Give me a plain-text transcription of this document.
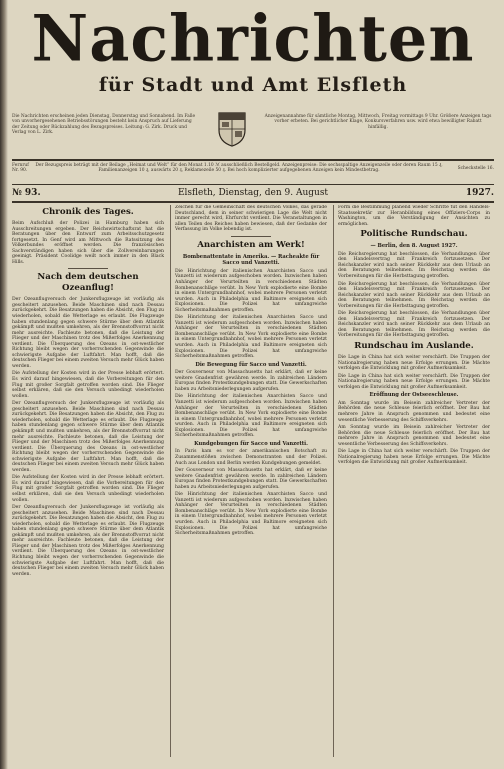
Nachrichten
für Stadt und Amt Elsfleth
Die Nachrichten erscheinen jeden Dienstag, Donnerstag und Sonnabend. Im Falle von unvorhergesehenen Betriebsstörungen besteht kein Anspruch auf Lieferung der Zeitung oder Rückzahlung des Bezugspreises. Leitung: G. Zirk. Druck und Verlag von L. Zirk.
Anzeigenannahme für sämtliche Montag, Mittwoch, Freitag vormittags 9 Uhr. Größere Anzeigen tags vorher erbeten. Bei gerichtlicher Klage, Konkursverfahren usw. wird etwa bewilligter Rabatt hinfällig.
Fernruf Nr. 90.
Der Bezugspreis beträgt mit der Beilage „Heimat und Welt“ für den Monat 1.10 ℳ ausschließlich Bestellgeld. Anzeigenpreise: Die sechsspaltige Anzeigenzeile oder deren Raum 15 ₰, Familienanzeigen 10 ₰, auswärts 20 ₰, Reklamezeile 50 ₰. Bei hoch komplizierter aufgegebenen Anzeigen kein Mindestbetrag.	Scheckstelle 16.
№ 93.	Elsfleth, Dienstag, den 9. August	1927.
Chronik des Tages.

Beim Aufschluß der Polizei in Hamburg haben sich Ausschreitungen ergeben. Der Reichswirtschaftsrat hat die Beratungen über den Entwurf zum Arbeitsschutzgesetz fortgesetzt. In Genf wird am Mittwoch die Ratssitzung des Völkerbundes eröffnet werden. Die französischen Sachverständigen haben sich über die Zollvereinbarungen geeinigt. Präsident Coolidge weilt noch immer in den Black Hills.

Nach dem deutschen Ozeanflug!

Der Ozeanflugversuch der Junkersflugzeuge ist vorläufig als gescheitert anzusehen. Beide Maschinen sind nach Dessau zurückgekehrt. Die Besatzungen haben die Absicht, den Flug zu wiederholen, sobald die Wetterlage es erlaubt. Die Flugzeuge haben stundenlang gegen schwere Stürme über dem Atlantik gekämpft und mußten umkehren, als der Brennstoffvorrat nicht mehr ausreichte. Fachleute betonen, daß die Leistung der Flieger und der Maschinen trotz des Mißerfolges Anerkennung verdient. Die Überquerung des Ozeans in ost-westlicher Richtung bleibt wegen der vorherrschenden Gegenwinde die schwierigste Aufgabe der Luftfahrt. Man hofft, daß die deutschen Flieger bei einem zweiten Versuch mehr Glück haben werden.

Die Aufstellung der Kosten wird in der Presse lebhaft erörtert. Es wird darauf hingewiesen, daß die Vorbereitungen für den Flug mit großer Sorgfalt getroffen worden sind. Die Flieger selbst erklären, daß sie den Versuch unbedingt wiederholen wollen.

Der Ozeanflugversuch der Junkersflugzeuge ist vorläufig als gescheitert anzusehen. Beide Maschinen sind nach Dessau zurückgekehrt. Die Besatzungen haben die Absicht, den Flug zu wiederholen, sobald die Wetterlage es erlaubt. Die Flugzeuge haben stundenlang gegen schwere Stürme über dem Atlantik gekämpft und mußten umkehren, als der Brennstoffvorrat nicht mehr ausreichte. Fachleute betonen, daß die Leistung der Flieger und der Maschinen trotz des Mißerfolges Anerkennung verdient. Die Überquerung des Ozeans in ost-westlicher Richtung bleibt wegen der vorherrschenden Gegenwinde die schwierigste Aufgabe der Luftfahrt. Man hofft, daß die deutschen Flieger bei einem zweiten Versuch mehr Glück haben werden.

Die Aufstellung der Kosten wird in der Presse lebhaft erörtert. Es wird darauf hingewiesen, daß die Vorbereitungen für den Flug mit großer Sorgfalt getroffen worden sind. Die Flieger selbst erklären, daß sie den Versuch unbedingt wiederholen wollen.

Der Ozeanflugversuch der Junkersflugzeuge ist vorläufig als gescheitert anzusehen. Beide Maschinen sind nach Dessau zurückgekehrt. Die Besatzungen haben die Absicht, den Flug zu wiederholen, sobald die Wetterlage es erlaubt. Die Flugzeuge haben stundenlang gegen schwere Stürme über dem Atlantik gekämpft und mußten umkehren, als der Brennstoffvorrat nicht mehr ausreichte. Fachleute betonen, daß die Leistung der Flieger und der Maschinen trotz des Mißerfolges Anerkennung verdient. Die Überquerung des Ozeans in ost-westlicher Richtung bleibt wegen der vorherrschenden Gegenwinde die schwierigste Aufgabe der Luftfahrt. Man hofft, daß die deutschen Flieger bei einem zweiten Versuch mehr Glück haben werden.

Zeichen für die Gemeinschaft des deutschen Volkes, das gerade Deutschland, dem in seiner schwierigen Lage die Welt nicht immer gerecht wird, Ehrfurcht verdient. Die Veranstaltungen in allen Teilen des Reiches haben bewiesen, daß der Gedanke der Verfassung im Volke lebendig ist.

Anarchisten am Werk!
Bombenattentate in Amerika. — Racheakte für Sacco und Vanzetti.

Die Hinrichtung der italienischen Anarchisten Sacco und Vanzetti ist wiederum aufgeschoben worden. Inzwischen haben Anhänger der Verurteilten in verschiedenen Städten Bombenanschläge verübt. In New York explodierte eine Bombe in einem Untergrundbahnhof, wobei mehrere Personen verletzt wurden. Auch in Philadelphia und Baltimore ereigneten sich Explosionen. Die Polizei hat umfangreiche Sicherheitsmaßnahmen getroffen.

Die Hinrichtung der italienischen Anarchisten Sacco und Vanzetti ist wiederum aufgeschoben worden. Inzwischen haben Anhänger der Verurteilten in verschiedenen Städten Bombenanschläge verübt. In New York explodierte eine Bombe in einem Untergrundbahnhof, wobei mehrere Personen verletzt wurden. Auch in Philadelphia und Baltimore ereigneten sich Explosionen. Die Polizei hat umfangreiche Sicherheitsmaßnahmen getroffen.

Die Bewegung für Sacco und Vanzetti.

Der Gouverneur von Massachusetts hat erklärt, daß er keine weitere Gnadenfrist gewähren werde. In zahlreichen Ländern Europas finden Protestkundgebungen statt. Die Gewerkschaften haben zu Arbeitsniederlegungen aufgerufen.

Die Hinrichtung der italienischen Anarchisten Sacco und Vanzetti ist wiederum aufgeschoben worden. Inzwischen haben Anhänger der Verurteilten in verschiedenen Städten Bombenanschläge verübt. In New York explodierte eine Bombe in einem Untergrundbahnhof, wobei mehrere Personen verletzt wurden. Auch in Philadelphia und Baltimore ereigneten sich Explosionen. Die Polizei hat umfangreiche Sicherheitsmaßnahmen getroffen.

Kundgebungen für Sacco und Vanzetti.

In Paris kam es vor der amerikanischen Botschaft zu Zusammenstößen zwischen Demonstranten und der Polizei. Auch aus London und Berlin werden Kundgebungen gemeldet.

Der Gouverneur von Massachusetts hat erklärt, daß er keine weitere Gnadenfrist gewähren werde. In zahlreichen Ländern Europas finden Protestkundgebungen statt. Die Gewerkschaften haben zu Arbeitsniederlegungen aufgerufen.

Die Hinrichtung der italienischen Anarchisten Sacco und Vanzetti ist wiederum aufgeschoben worden. Inzwischen haben Anhänger der Verurteilten in verschiedenen Städten Bombenanschläge verübt. In New York explodierte eine Bombe in einem Untergrundbahnhof, wobei mehrere Personen verletzt wurden. Auch in Philadelphia und Baltimore ereigneten sich Explosionen. Die Polizei hat umfangreiche Sicherheitsmaßnahmen getroffen.

Form die Bestimmung planend wieder Schritte tut den Handels-Staatssekretär zur Heranbildung eines Offiziers-Corps in Washington, um die Verständigung der Ansichten zu ermöglichen.

Politische Rundschau.
— Berlin, den 8. August 1927.

Die Reichsregierung hat beschlossen, die Verhandlungen über den Handelsvertrag mit Frankreich fortzusetzen. Der Reichskanzler wird nach seiner Rückkehr aus dem Urlaub an den Beratungen teilnehmen. Im Reichstag werden die Vorbereitungen für die Herbsttagung getroffen.

Die Reichsregierung hat beschlossen, die Verhandlungen über den Handelsvertrag mit Frankreich fortzusetzen. Der Reichskanzler wird nach seiner Rückkehr aus dem Urlaub an den Beratungen teilnehmen. Im Reichstag werden die Vorbereitungen für die Herbsttagung getroffen.

Die Reichsregierung hat beschlossen, die Verhandlungen über den Handelsvertrag mit Frankreich fortzusetzen. Der Reichskanzler wird nach seiner Rückkehr aus dem Urlaub an den Beratungen teilnehmen. Im Reichstag werden die Vorbereitungen für die Herbsttagung getroffen.

Rundschau im Auslande.

Die Lage in China hat sich weiter verschärft. Die Truppen der Nationalregierung haben neue Erfolge errungen. Die Mächte verfolgen die Entwicklung mit großer Aufmerksamkeit.

Die Lage in China hat sich weiter verschärft. Die Truppen der Nationalregierung haben neue Erfolge errungen. Die Mächte verfolgen die Entwicklung mit großer Aufmerksamkeit.

Eröffnung der Ostseeschleuse.

Am Sonntag wurde im Beisein zahlreicher Vertreter der Behörden die neue Schleuse feierlich eröffnet. Der Bau hat mehrere Jahre in Anspruch genommen und bedeutet eine wesentliche Verbesserung des Schiffsverkehrs.

Am Sonntag wurde im Beisein zahlreicher Vertreter der Behörden die neue Schleuse feierlich eröffnet. Der Bau hat mehrere Jahre in Anspruch genommen und bedeutet eine wesentliche Verbesserung des Schiffsverkehrs.

Die Lage in China hat sich weiter verschärft. Die Truppen der Nationalregierung haben neue Erfolge errungen. Die Mächte verfolgen die Entwicklung mit großer Aufmerksamkeit.
